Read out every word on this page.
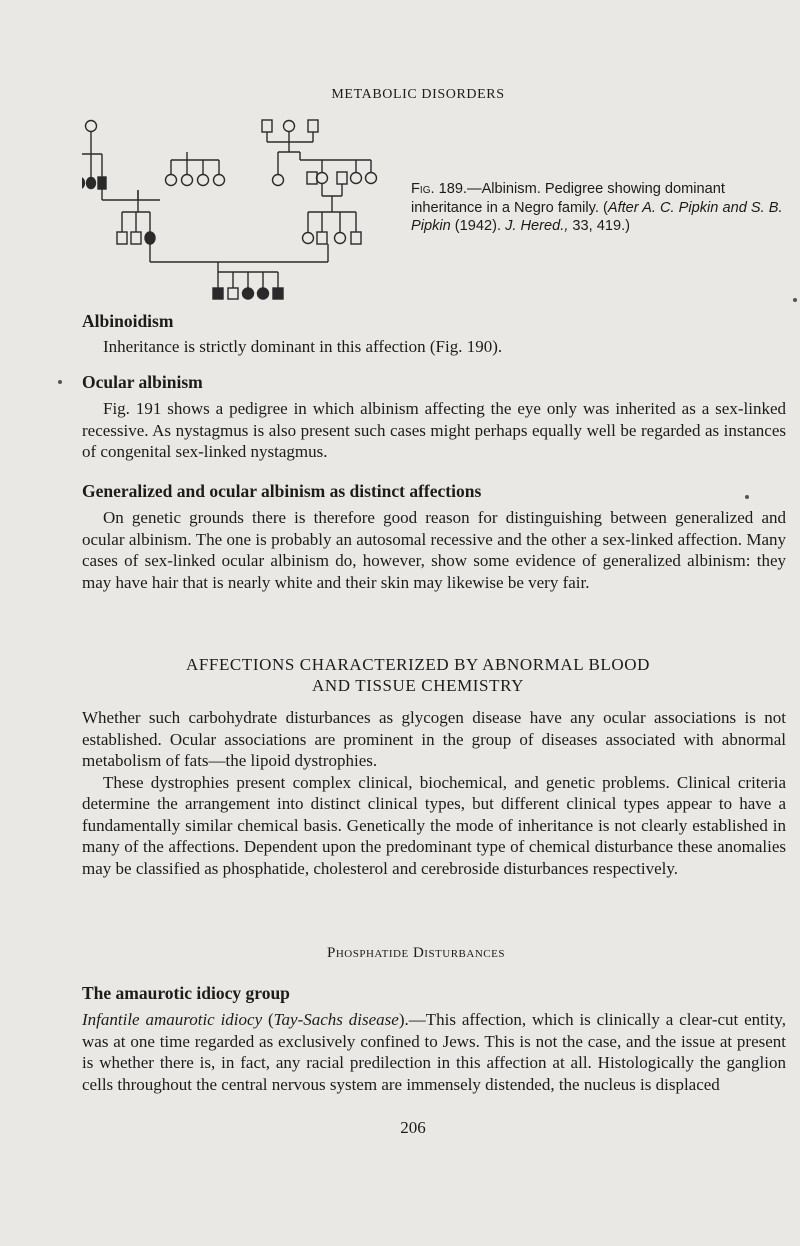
METABOLIC DISORDERS
Fig. 189.—Albinism. Pedigree showing dominant inheritance in a Negro family. (After A. C. Pipkin and S. B. Pipkin (1942). J. Hered., 33, 419.)
Albinoidism

Inheritance is strictly dominant in this affection (Fig. 190).

Ocular albinism

Fig. 191 shows a pedigree in which albinism affecting the eye only was inherited as a sex-linked recessive. As nystagmus is also present such cases might perhaps equally well be regarded as instances of congenital sex-linked nystagmus.

Generalized and ocular albinism as distinct affections

On genetic grounds there is therefore good reason for distinguishing between generalized and ocular albinism. The one is probably an autosomal recessive and the other a sex-linked affection. Many cases of sex-linked ocular albinism do, however, show some evidence of generalized albinism: they may have hair that is nearly white and their skin may likewise be very fair.

AFFECTIONS CHARACTERIZED BY ABNORMAL BLOOD
AND TISSUE CHEMISTRY

Whether such carbohydrate disturbances as glycogen disease have any ocular associations is not established. Ocular associations are prominent in the group of diseases associated with abnormal metabolism of fats—the lipoid dystrophies.

These dystrophies present complex clinical, biochemical, and genetic problems. Clinical criteria determine the arrangement into distinct clinical types, but different clinical types appear to have a fundamentally similar chemical basis. Genetically the mode of inheritance is not clearly established in many of the affections. Dependent upon the predominant type of chemical disturbance these anomalies may be classified as phosphatide, cholesterol and cerebroside disturbances respectively.

Phosphatide Disturbances
The amaurotic idiocy group

Infantile amaurotic idiocy (Tay-Sachs disease).—This affection, which is clinically a clear-cut entity, was at one time regarded as exclusively confined to Jews. This is not the case, and the issue at present is whether there is, in fact, any racial predilection in this affection at all. Histologically the ganglion cells throughout the central nervous system are immensely distended, the nucleus is displaced

206
